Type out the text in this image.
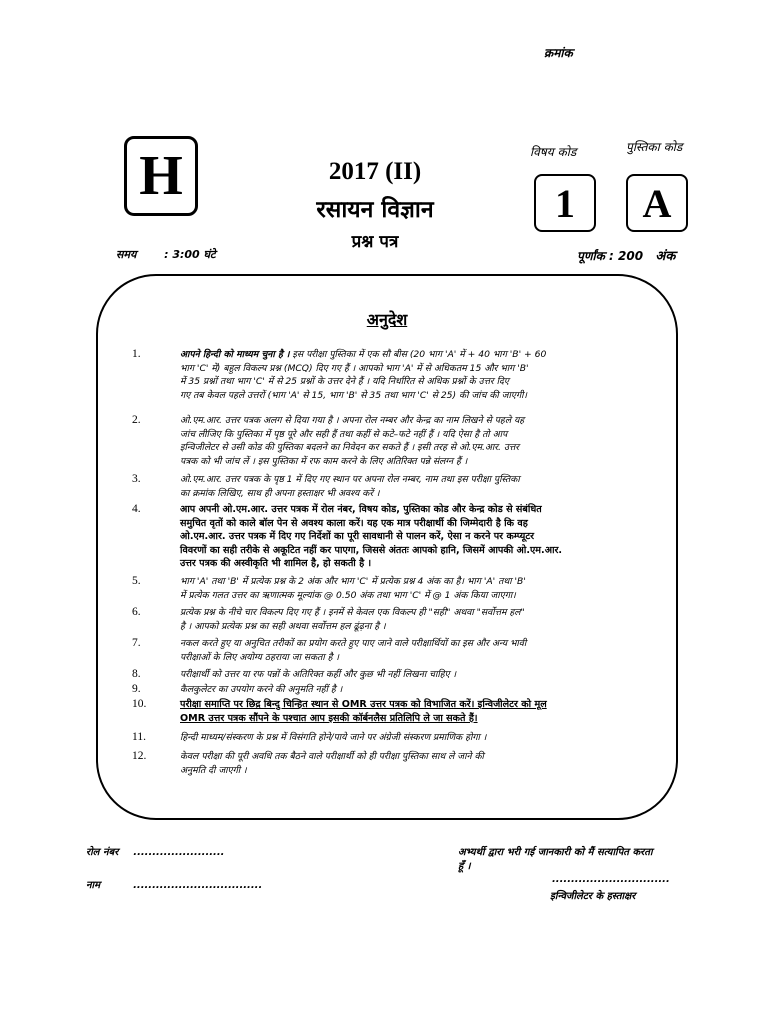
क्रमांक
H	2017 (II)
रसायन विज्ञान
प्रश्न पत्र
विषय कोड	पुस्तिका कोड
1 A
समय	: 3:00 घंटे	पूर्णांक : 200 अंक
अनुदेश
1.	आपने हिन्दी को माध्यम चुना है । इस परीक्षा पुस्तिका में एक सौ बीस (20 भाग 'A' में + 40 भाग 'B' + 60
भाग 'C' में) बहुल विकल्प प्रश्न (MCQ) दिए गए हैं । आपको भाग 'A' में से अधिकतम 15 और भाग 'B'
में 35 प्रश्नों तथा भाग 'C' में से 25 प्रश्नों के उत्तर देने हैं । यदि निर्धारित से अधिक प्रश्नों के उत्तर दिए
गए तब केवल पहले उत्तरों (भाग 'A' से 15, भाग 'B' से 35 तथा भाग 'C' से 25) की जांच की जाएगी।
2.	ओ.एम.आर. उत्तर पत्रक अलग से दिया गया है । अपना रोल नम्बर और केन्द्र का नाम लिखने से पहले यह
जांच लीजिए कि पुस्तिका में पृष्ठ पूरे और सही हैं तथा कहीं से कटे–फटे नहीं हैं । यदि ऐसा है तो आप
इन्विजीलेटर से उसी कोड की पुस्तिका बदलने का निवेदन कर सकते हैं । इसी तरह से ओ.एम.आर. उत्तर
पत्रक को भी जांच लें । इस पुस्तिका में रफ काम करने के लिए अतिरिक्त पन्ने संलग्न हैं ।
3.	ओ.एम.आर. उत्तर पत्रक के पृष्ठ 1 में दिए गए स्थान पर अपना रोल नम्बर, नाम तथा इस परीक्षा पुस्तिका
का क्रमांक लिखिए, साथ ही अपना हस्ताक्षर भी अवश्य करें ।
4.	आप अपनी ओ.एम.आर. उत्तर पत्रक में रोल नंबर, विषय कोड, पुस्तिका कोड और केन्द्र कोड से संबंधित
समुचित वृतों को काले बॉल पेन से अवश्य काला करें। यह एक मात्र परीक्षार्थी की जिम्मेदारी है कि वह
ओ.एम.आर. उत्तर पत्रक में दिए गए निर्देशों का पूरी सावधानी से पालन करें, ऐसा न करने पर कम्प्यूटर
विवरणों का सही तरीके से अकूटित नहीं कर पाएगा, जिससे अंततः आपको हानि, जिसमें आपकी ओ.एम.आर.
उत्तर पत्रक की अस्वीकृति भी शामिल है, हो सकती है ।
5.	भाग 'A' तथा 'B' में प्रत्येक प्रश्न के 2 अंक और भाग 'C' में प्रत्येक प्रश्न 4 अंक का है। भाग 'A' तथा 'B'
में प्रत्येक गलत उत्तर का ऋणात्मक मूल्यांक @ 0.50 अंक तथा भाग 'C' में @ 1 अंक किया जाएगा।
6.	प्रत्येक प्रश्न के नीचे चार विकल्प दिए गए हैं । इनमें से केवल एक विकल्प ही "सही" अथवा "सर्वोत्तम हल"
है । आपको प्रत्येक प्रश्न का सही अथवा सर्वोत्तम हल ढूंढ़ना है ।
7.	नकल करते हुए या अनुचित तरीकों का प्रयोग करते हुए पाए जाने वाले परीक्षार्थियों का इस और अन्य भावी
परीक्षाओं के लिए अयोग्य ठहराया जा सकता है ।
8.	परीक्षार्थी को उत्तर या रफ पन्नों के अतिरिक्त कहीं और कुछ भी नहीं लिखना चाहिए ।
9.	कैलकुलेटर का उपयोग करने की अनुमति नहीं है ।
10.	परीक्षा समाप्ति पर छिद्र बिन्दु चिन्हित स्थान से OMR उत्तर पत्रक को विभाजित करें। इन्विजीलेटर को मूल
OMR उत्तर पत्रक सौंपने के पश्चात आप इसकी कॉर्बनलैस प्रतिलिपि ले जा सकते हैं।
11.	हिन्दी माध्यम/संस्करण के प्रश्न में विसंगति होने/पाये जाने पर अंग्रेजी संस्करण प्रमाणिक होगा ।
12.	केवल परीक्षा की पूरी अवधि तक बैठने वाले परीक्षार्थी को ही परीक्षा पुस्तिका साथ ले जाने की
अनुमति दी जाएगी ।
रोल नंबर ........................
नाम	..................................
अभ्यर्थी द्वारा भरी गई जानकारी को मैं सत्यापित करता
हूँ ।
...............................
इन्विजीलेटर के हस्ताक्षर
